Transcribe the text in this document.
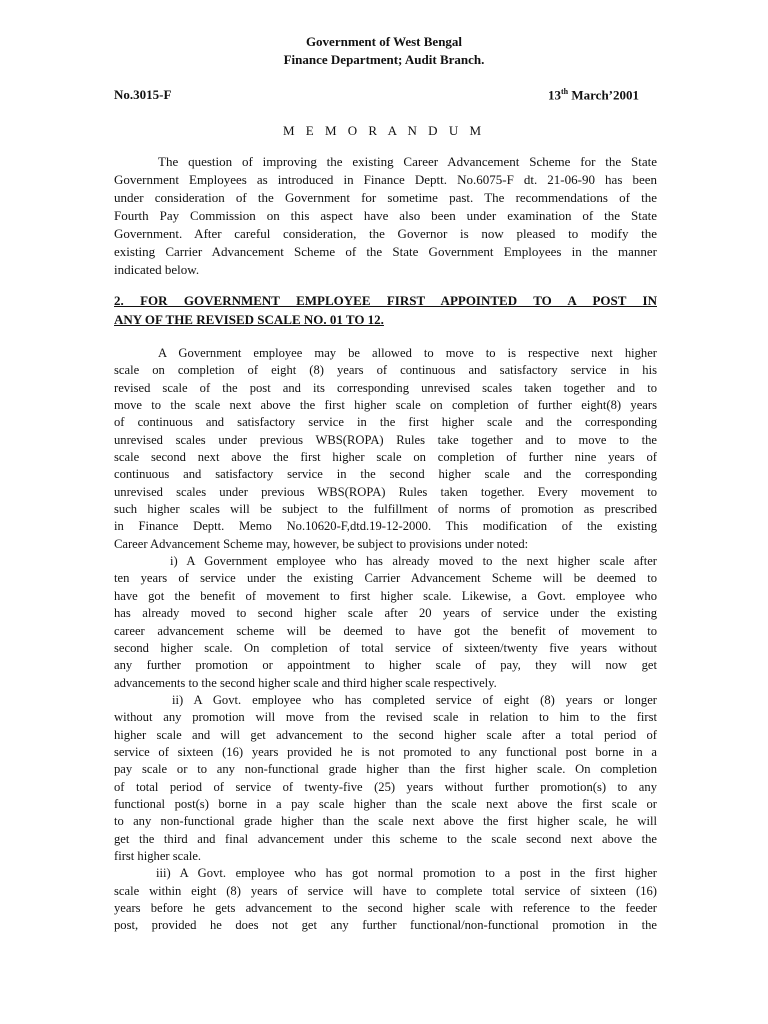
Government of West Bengal
Finance Department; Audit Branch.
No.3015-F	13th March’2001
M E M O R A N D U M
The question of improving the existing Career Advancement Scheme for the State
Government Employees as introduced in Finance Deptt. No.6075-F dt. 21-06-90 has been
under consideration of the Government for sometime past. The recommendations of the
Fourth Pay Commission on this aspect have also been under examination of the State
Government. After careful consideration, the Governor is now pleased to modify the
existing Carrier Advancement Scheme of the State Government Employees in the manner
indicated below.
2. FOR GOVERNMENT EMPLOYEE FIRST APPOINTED TO A POST IN
ANY OF THE REVISED SCALE NO. 01 TO 12.
A Government employee may be allowed to move to is respective next higher
scale on completion of eight (8) years of continuous and satisfactory service in his
revised scale of the post and its corresponding unrevised scales taken together and to
move to the scale next above the first higher scale on completion of further eight(8) years
of continuous and satisfactory service in the first higher scale and the corresponding
unrevised scales under previous WBS(ROPA) Rules take together and to move to the
scale second next above the first higher scale on completion of further nine years of
continuous and satisfactory service in the second higher scale and the corresponding
unrevised scales under previous WBS(ROPA) Rules taken together. Every movement to
such higher scales will be subject to the fulfillment of norms of promotion as prescribed
in Finance Deptt. Memo No.10620-F,dtd.19-12-2000. This modification of the existing
Career Advancement Scheme may, however, be subject to provisions under noted:
i) A Government employee who has already moved to the next higher scale after
ten years of service under the existing Carrier Advancement Scheme will be deemed to
have got the benefit of movement to first higher scale. Likewise, a Govt. employee who
has already moved to second higher scale after 20 years of service under the existing
career advancement scheme will be deemed to have got the benefit of movement to
second higher scale. On completion of total service of sixteen/twenty five years without
any further promotion or appointment to higher scale of pay, they will now get
advancements to the second higher scale and third higher scale respectively.
ii) A Govt. employee who has completed service of eight (8) years or longer
without any promotion will move from the revised scale in relation to him to the first
higher scale and will get advancement to the second higher scale after a total period of
service of sixteen (16) years provided he is not promoted to any functional post borne in a
pay scale or to any non-functional grade higher than the first higher scale. On completion
of total period of service of twenty-five (25) years without further promotion(s) to any
functional post(s) borne in a pay scale higher than the scale next above the first scale or
to any non-functional grade higher than the scale next above the first higher scale, he will
get the third and final advancement under this scheme to the scale second next above the
first higher scale.
iii) A Govt. employee who has got normal promotion to a post in the first higher
scale within eight (8) years of service will have to complete total service of sixteen (16)
years before he gets advancement to the second higher scale with reference to the feeder
post, provided he does not get any further functional/non-functional promotion in the
